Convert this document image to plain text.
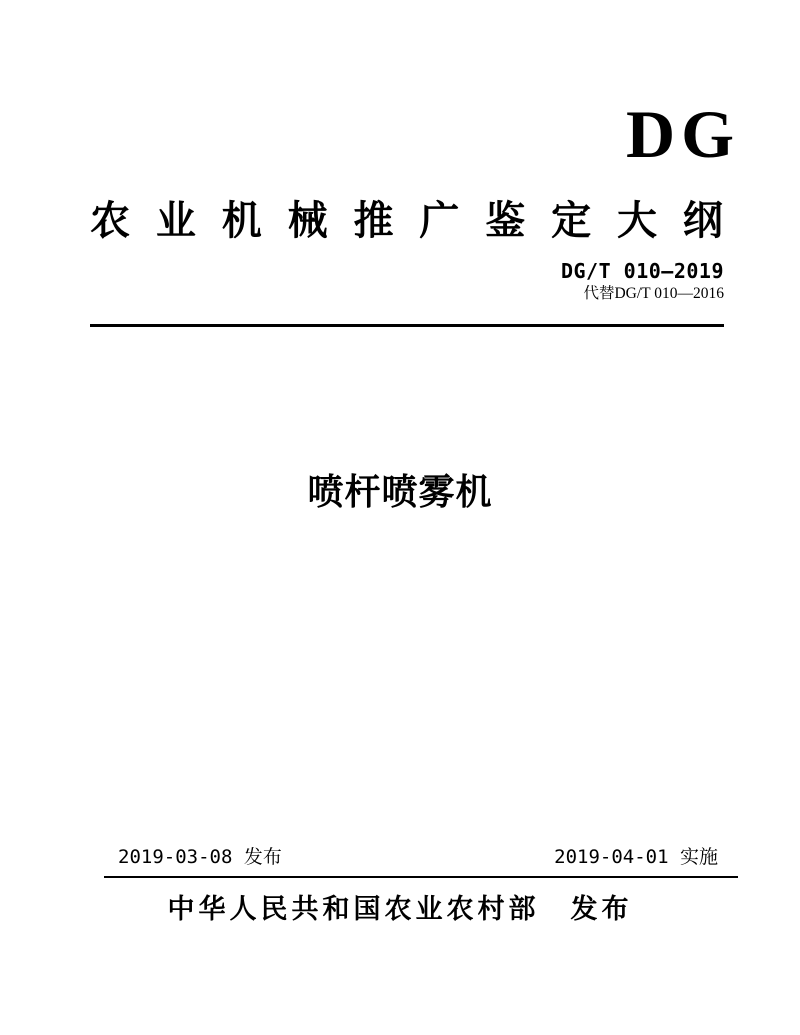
DG
农 业 机 械 推 广 鉴 定 大 纲
DG/T 010—2019
代替DG/T 010—2016
喷杆喷雾机
2019-03-08 发布	2019-04-01 实施
中华人民共和国农业农村部　发布
